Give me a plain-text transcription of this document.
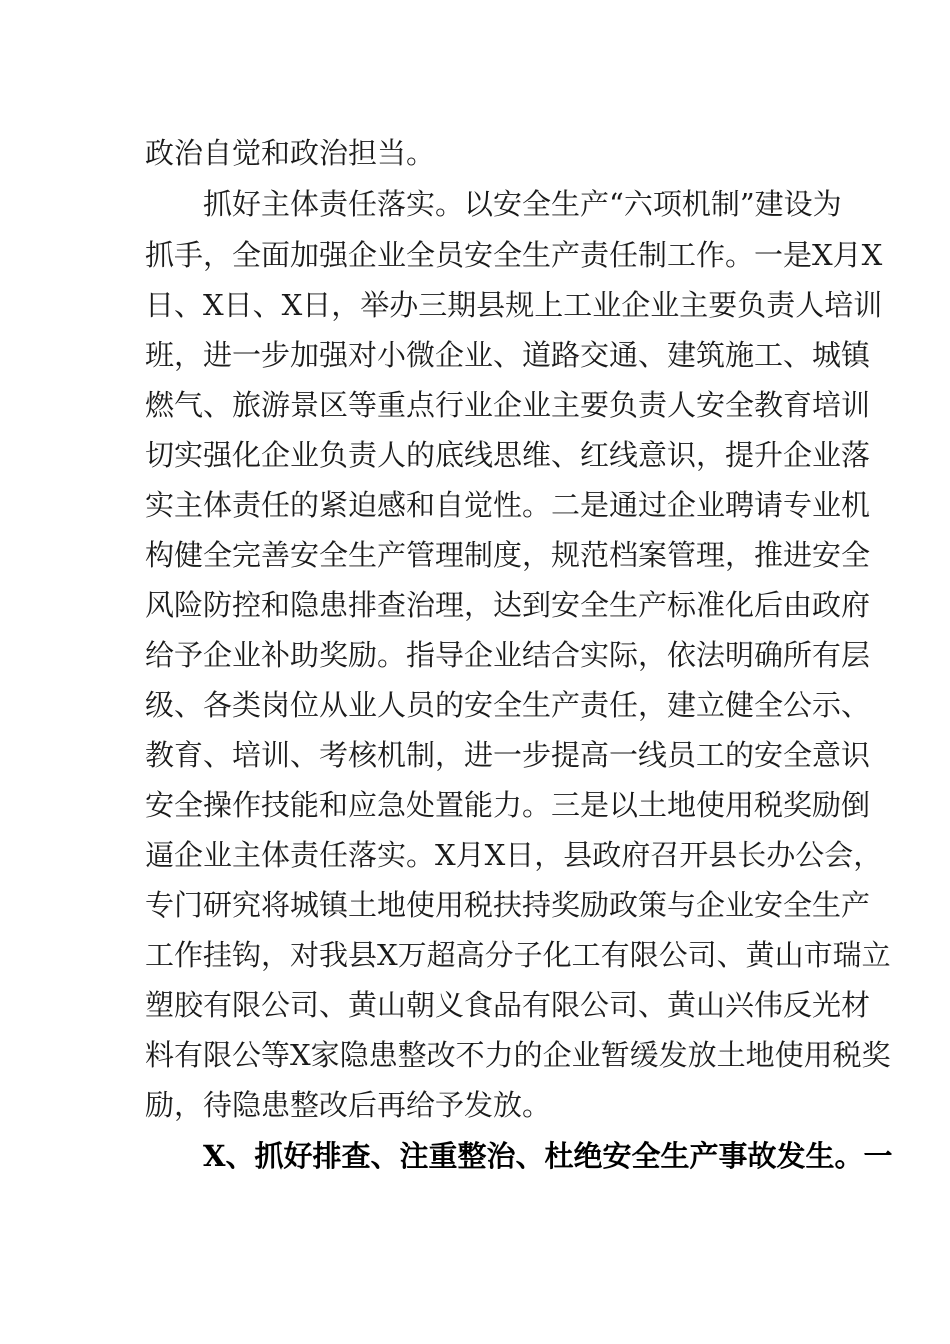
政治自觉和政治担当。
抓好主体责任落实。以安全生产“六项机制”建设为
抓手，全面加强企业全员安全生产责任制工作。一是X月X
日、X日、X日，举办三期县规上工业企业主要负责人培训
班，进一步加强对小微企业、道路交通、建筑施工、城镇
燃气、旅游景区等重点行业企业主要负责人安全教育培训
切实强化企业负责人的底线思维、红线意识，提升企业落
实主体责任的紧迫感和自觉性。二是通过企业聘请专业机
构健全完善安全生产管理制度，规范档案管理，推进安全
风险防控和隐患排查治理，达到安全生产标准化后由政府
给予企业补助奖励。指导企业结合实际，依法明确所有层
级、各类岗位从业人员的安全生产责任，建立健全公示、
教育、培训、考核机制，进一步提高一线员工的安全意识
安全操作技能和应急处置能力。三是以土地使用税奖励倒
逼企业主体责任落实。X月X日，县政府召开县长办公会，
专门研究将城镇土地使用税扶持奖励政策与企业安全生产
工作挂钩，对我县X万超高分子化工有限公司、黄山市瑞立
塑胶有限公司、黄山朝义食品有限公司、黄山兴伟反光材
料有限公等X家隐患整改不力的企业暂缓发放土地使用税奖
励，待隐患整改后再给予发放。
X、抓好排查、注重整治、杜绝安全生产事故发生。一
